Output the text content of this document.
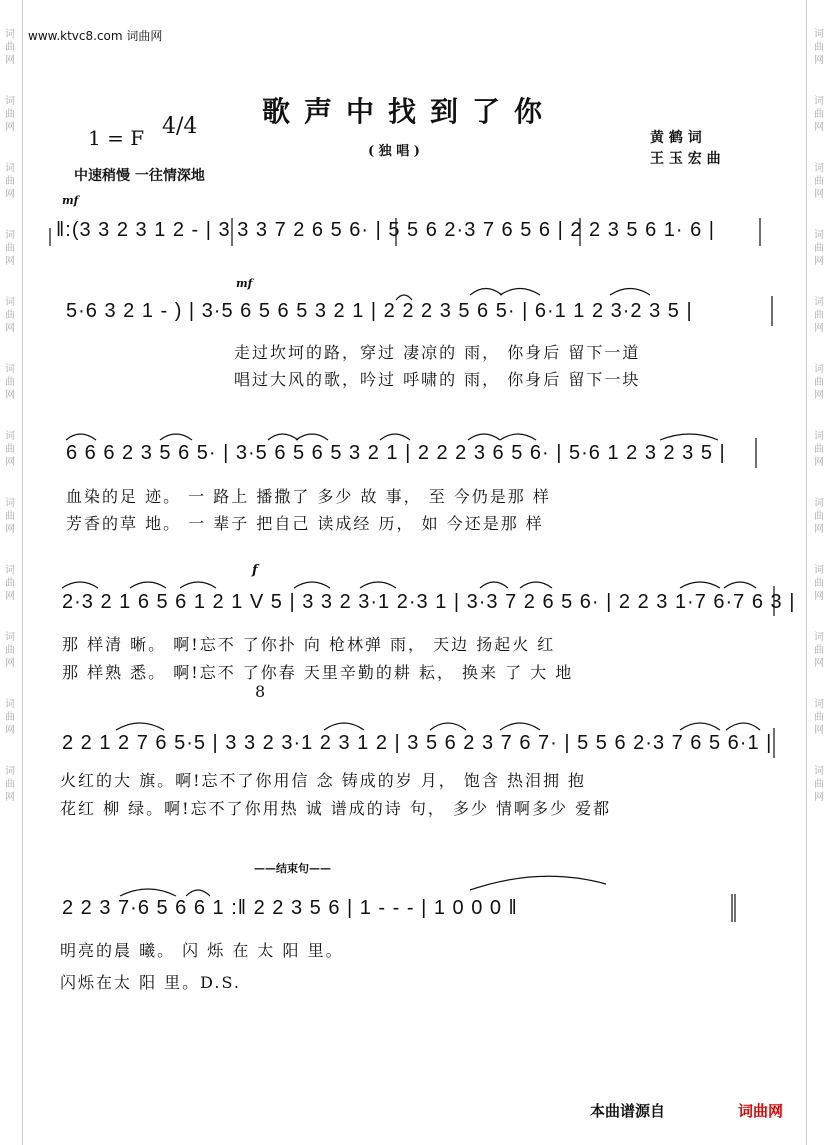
词
曲
网
词
曲
网
词
曲
网
词
曲
网
词
曲
网
词
曲
网
词
曲
网
词
曲
网
词
曲
网
词
曲
网
词
曲
网
词
曲
网
词
曲
网
词
曲
网
词
曲
网
词
曲
网
词
曲
网
词
曲
网
词
曲
网
词
曲
网
词
曲
网
词
曲
网
词
曲
网
词
曲
网
www.ktvc8.com 词曲网
歌声中找到了你
1 = F 4/4
( 独 唱 )
黄 鹤 词
王 玉 宏 曲
中速稍慢 一往情深地
mf
‖:(3 3 2 3 1 2 - | 3 3 3 7 2 6 5 6· | 5 5 6 2·3 7 6 5 6 | 2 2 3 5 6 1· 6 |
mf
5·6 3 2 1 - ) | 3·5 6 5 6 5 3 2 1 | 2 2 2 3 5 6 5· | 6·1 1 2 3·2 3 5 |
走过坎坷的路，穿过 凄凉的 雨， 你身后 留下一道
唱过大风的歌，吟过 呼啸的 雨， 你身后 留下一块
6 6 6 2 3 5 6 5· | 3·5 6 5 6 5 3 2 1 | 2 2 2 3 6 5 6· | 5·6 1 2 3 2 3 5 |
血染的足 迹。 一 路上 播撒了 多少 故 事， 至 今仍是那 样
芳香的草 地。 一 辈子 把自己 读成经 历， 如 今还是那 样
f
2·3 2 1 6 5 6 1 2 1 V 5 | 3 3 2 3·1 2·3 1 | 3·3 7 2 6 5 6· | 2 2 3 1·7 6·7 6 3 |
那 样清 晰。 啊!忘不 了你扑 向 枪林弹 雨， 天边 扬起火 红
那 样熟 悉。 啊!忘不 了你春 天里辛勤的耕 耘， 换来 了 大 地
8
2 2 1 2 7 6 5·5 | 3 3 2 3·1 2 3 1 2 | 3 5 6 2 3 7 6 7· | 5 5 6 2·3 7 6 5 6·1 |
火红的大 旗。啊!忘不了你用信 念 铸成的岁 月， 饱含 热泪拥 抱
花红 柳 绿。啊!忘不了你用热 诚 谱成的诗 句， 多少 情啊多少 爱都
——结束句——
2 2 3 7·6 5 6 6 1 :‖ 2 2 3 5 6 | 1 - - - | 1 0 0 0 ‖
明亮的晨 曦。 闪 烁 在 太 阳 里。
闪烁在太 阳 里。D.S.
本曲谱源自	词曲网
